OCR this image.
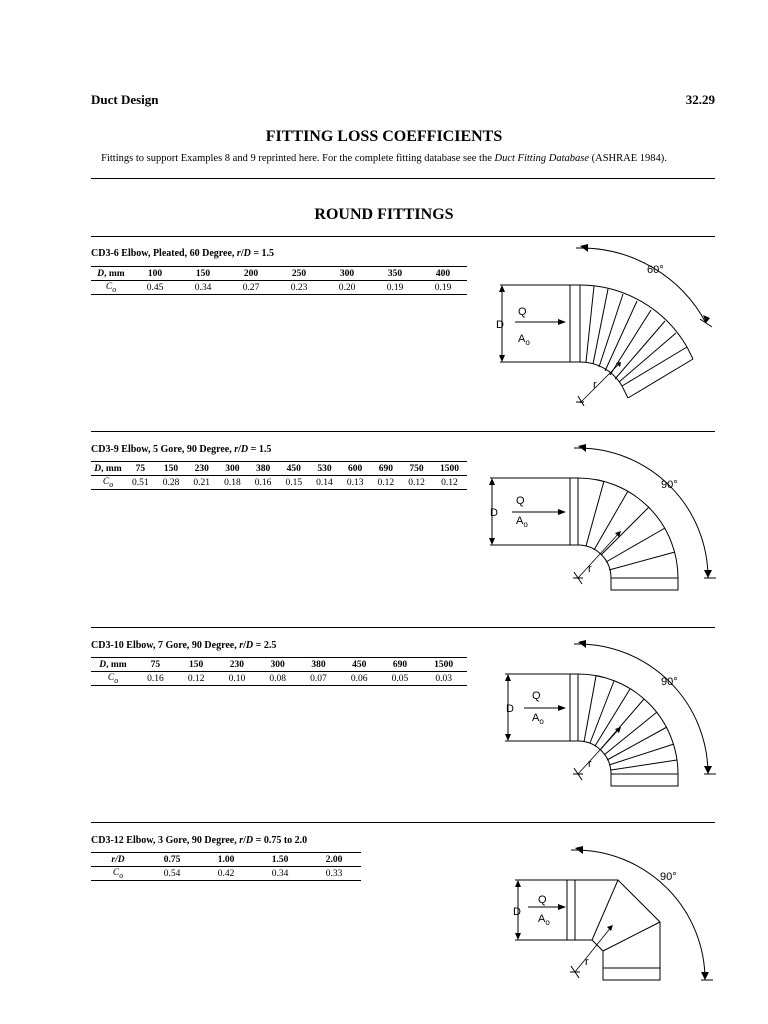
Duct Design	32.29
FITTING LOSS COEFFICIENTS
Fittings to support Examples 8 and 9 reprinted here. For the complete fitting database see the Duct Fitting Database (ASHRAE 1984).
ROUND FITTINGS
CD3-6 Elbow, Pleated, 60 Degree, r/D = 1.5
D, mm	100	150	200	250	300	350	400
$C_o$	0.45	0.34	0.27	0.23	0.20	0.19	0.19
60°
Q
D
$A_o$
r
CD3-9 Elbow, 5 Gore, 90 Degree, r/D = 1.5
D, mm	75	150	230	300	380	450	530	600	690	750	1500
$C_o$	0.51	0.28	0.21	0.18	0.16	0.15	0.14	0.13	0.12	0.12	0.12	90°
Q
D
$A_o$
r
CD3-10 Elbow, 7 Gore, 90 Degree, r/D = 2.5
D, mm	75	150	230	300	380	450	690	1500
$C_o$	0.16	0.12	0.10	0.08	0.07	0.06	0.05	0.03	90°
Q
D
$A_o$
r
CD3-12 Elbow, 3 Gore, 90 Degree, r/D = 0.75 to 2.0
r/D	0.75	1.00	1.50	2.00
$C_o$	0.54	0.42	0.34	0.33	90°
Q
D
$A_o$
r
